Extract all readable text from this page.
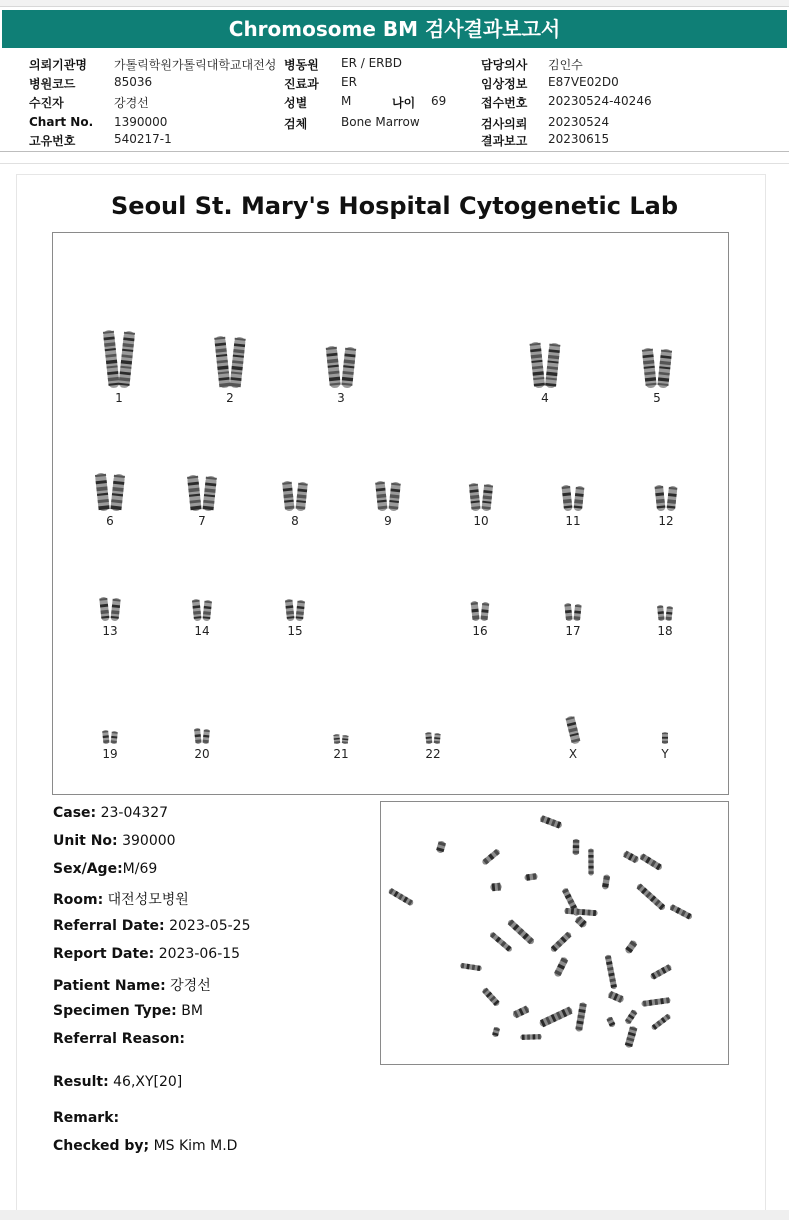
Chromosome BM 검사결과보고서
의뢰기관명 가톨릭학원가톨릭대학교대전성 병동원 ER / ERBD	담당의사 김인수
병원코드	85036	진료과 ER	임상정보 E87VE02D0
수진자	강경선	성별	M	나이 69	접수번호 20230524-40246
Chart No. 1390000	검체	Bone Marrow	검사의뢰 20230524
고유번호	540217-1	결과보고 20230615
Seoul St. Mary's Hospital Cytogenetic Lab
1	2	3	4	5
6	7	8	9	10	11	12
13	14	15	16	17	18
19	20	21	22	X	Y
Case: 23-04327
Unit No: 390000
Sex/Age:M/69
Room: 대전성모병원
Referral Date: 2023-05-25
Report Date: 2023-06-15
Patient Name: 강경선
Specimen Type: BM
Referral Reason:
Result: 46,XY[20]
Remark:
Checked by; MS Kim M.D
